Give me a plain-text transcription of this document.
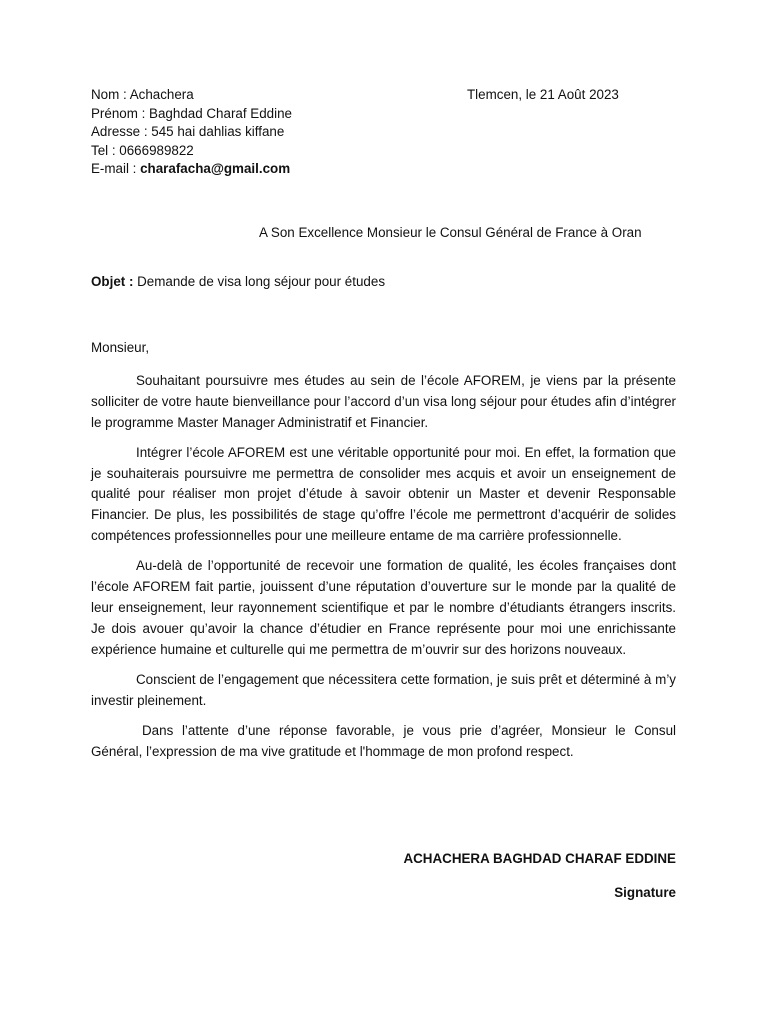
Nom : Achachera
Prénom : Baghdad Charaf Eddine
Adresse : 545 hai dahlias kiffane
Tel : 0666989822
E-mail : charafacha@gmail.com
Tlemcen, le 21 Août 2023
A Son Excellence Monsieur le Consul Général de France à Oran
Objet : Demande de visa long séjour pour études
Monsieur,

Souhaitant poursuivre mes études au sein de l’école AFOREM, je viens par la présente solliciter de votre haute bienveillance pour l’accord d’un visa long séjour pour études afin d’intégrer le programme Master Manager Administratif et Financier.

Intégrer l’école AFOREM est une véritable opportunité pour moi. En effet, la formation que je souhaiterais poursuivre me permettra de consolider mes acquis et avoir un enseignement de qualité pour réaliser mon projet d’étude à savoir obtenir un Master et devenir Responsable Financier. De plus, les possibilités de stage qu’offre l’école me permettront d’acquérir de solides compétences professionnelles pour une meilleure entame de ma carrière professionnelle.

Au-delà de l’opportunité de recevoir une formation de qualité, les écoles françaises dont l’école AFOREM fait partie, jouissent d’une réputation d’ouverture sur le monde par la qualité de leur enseignement, leur rayonnement scientifique et par le nombre d’étudiants étrangers inscrits. Je dois avouer qu’avoir la chance d’étudier en France représente pour moi une enrichissante expérience humaine et culturelle qui me permettra de m’ouvrir sur des horizons nouveaux.

Conscient de l’engagement que nécessitera cette formation, je suis prêt et déterminé à m’y investir pleinement.

Dans l’attente d’une réponse favorable, je vous prie d’agréer, Monsieur le Consul Général, l’expression de ma vive gratitude et l'hommage de mon profond respect.

ACHACHERA BAGHDAD CHARAF EDDINE
Signature
